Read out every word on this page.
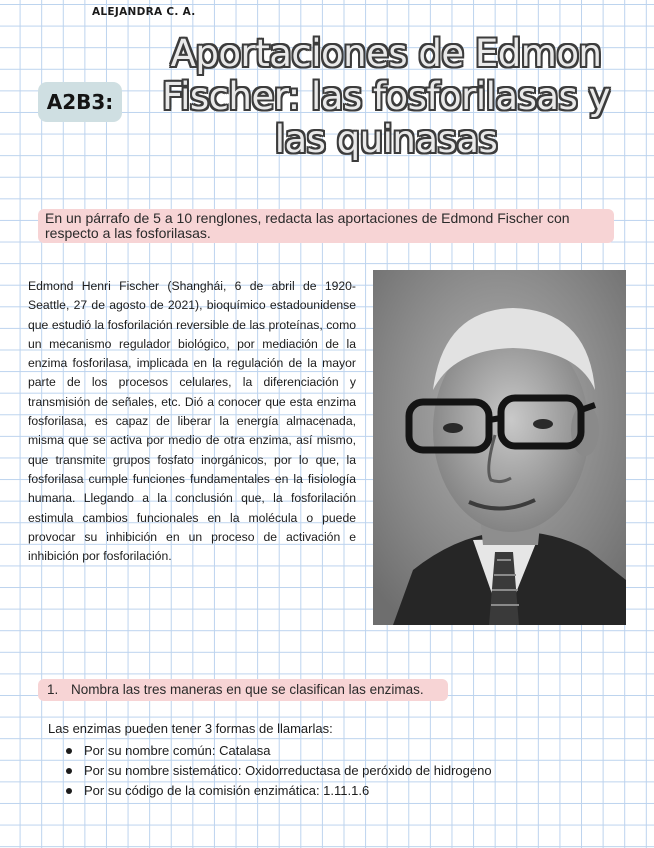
ALEJANDRA C. A.
A2B3:
Aportaciones de Edmon Fischer: las fosforilasas y las quinasas
En un párrafo de 5 a 10 renglones, redacta las aportaciones de Edmond Fischer con respecto a las fosforilasas.

Edmond Henri Fischer (Shanghái, 6 de abril de 1920-Seattle, 27 de agosto de 2021), bioquímico estadounidense que estudió la fosforilación reversible de las proteínas, como un mecanismo regulador biológico, por mediación de la enzima fosforilasa, implicada en la regulación de la mayor parte de los procesos celulares, la diferenciación y transmisión de señales, etc. Dió a conocer que esta enzima fosforilasa, es capaz de liberar la energía almacenada, misma que se activa por medio de otra enzima, así mismo, que transmite grupos fosfato inorgánicos, por lo que, la fosforilasa cumple funciones fundamentales en la fisiología humana. Llegando a la conclusión que, la fosforilación estimula cambios funcionales en la molécula o puede provocar su inhibición en un proceso de activación e inhibición por fosforilación.

1. Nombra las tres maneras en que se clasifican las enzimas.
Las enzimas pueden tener 3 formas de llamarlas:
Por su nombre común: Catalasa
Por su nombre sistemático: Oxidorreductasa de peróxido de hidrogeno
Por su código de la comisión enzimática: 1.11.1.6
